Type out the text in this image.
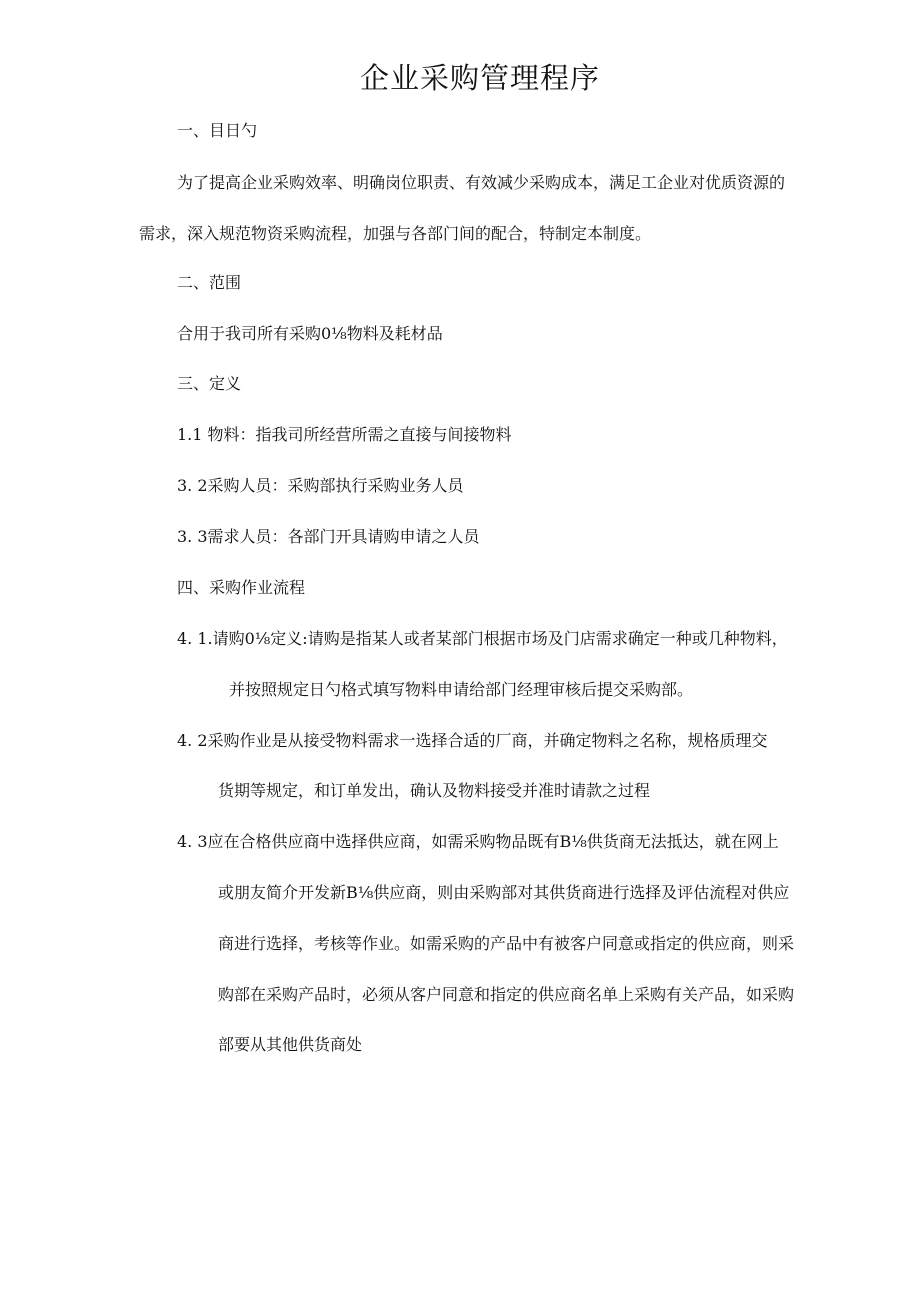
企业采购管理程序
一、目日勺
为了提高企业采购效率、明确岗位职责、有效减少采购成本，满足工企业对优质资源的
需求，深入规范物资采购流程，加强与各部门间的配合，特制定本制度。
二、范围
合用于我司所有采购0⅛物料及耗材品
三、定义
1.1 物料：指我司所经营所需之直接与间接物料
3. 2采购人员：采购部执行采购业务人员
3. 3需求人员：各部门开具请购申请之人员
四、采购作业流程
4. 1.请购0⅛定义:请购是指某人或者某部门根据市场及门店需求确定一种或几种物料，
并按照规定日勺格式填写物料申请给部门经理审核后提交采购部。
4. 2采购作业是从接受物料需求一选择合适的厂商，并确定物料之名称，规格质理交
货期等规定，和订单发出，确认及物料接受并准时请款之过程
4. 3应在合格供应商中选择供应商，如需采购物品既有B⅛供货商无法抵达，就在网上
或朋友简介开发新B⅛供应商，则由采购部对其供货商进行选择及评估流程对供应
商进行选择，考核等作业。如需采购的产品中有被客户同意或指定的供应商，则采
购部在采购产品时，必须从客户同意和指定的供应商名单上采购有关产品，如采购
部要从其他供货商处
